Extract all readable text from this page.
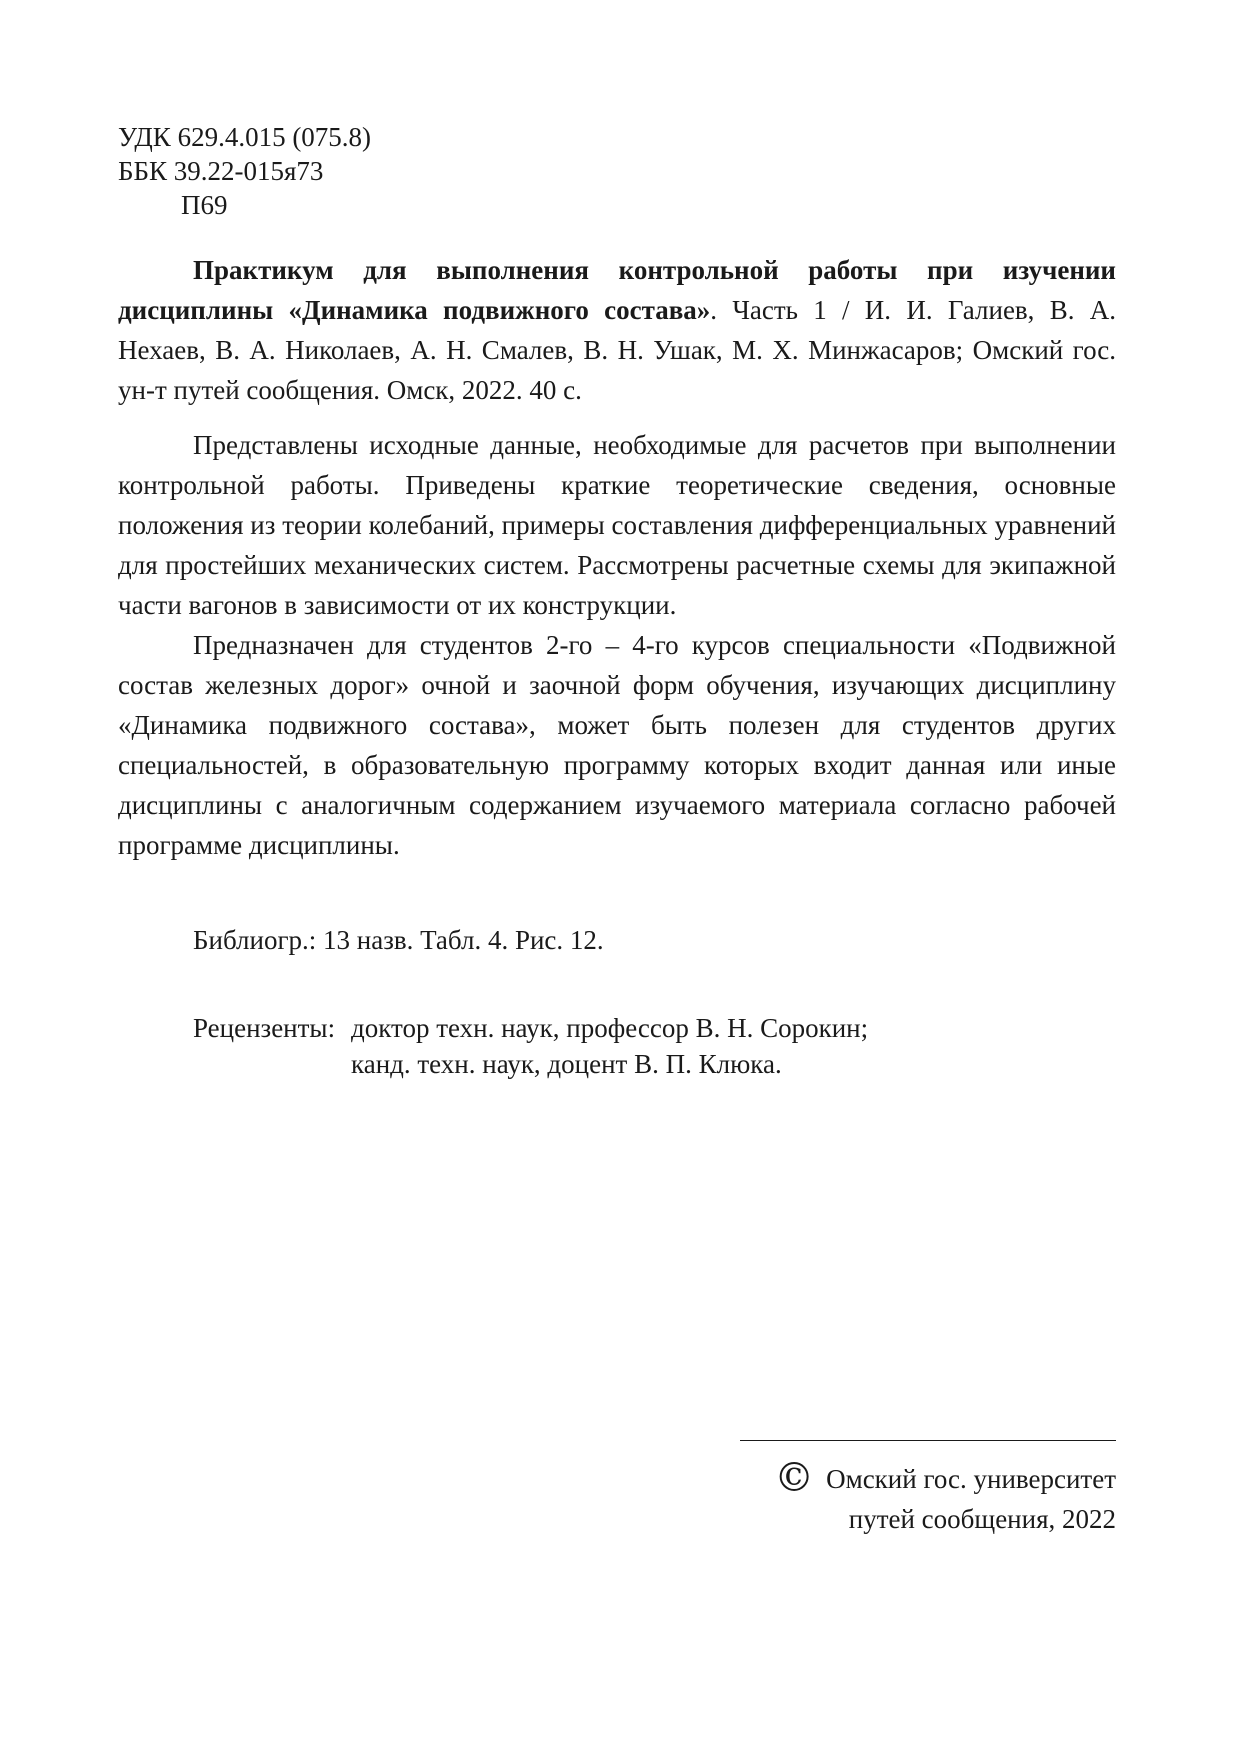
УДК 629.4.015 (075.8)
ББК 39.22-015я73
П69

Практикум для выполнения контрольной работы при изучении дисциплины «Динамика подвижного состава». Часть 1 / И. И. Галиев, В. А. Нехаев, В. А. Николаев, А. Н. Смалев, В. Н. Ушак, М. Х. Минжасаров; Омский гос. ун-т путей сообщения. Омск, 2022. 40 с.

Представлены исходные данные, необходимые для расчетов при выполнении контрольной работы. Приведены краткие теоретические сведения, основные положения из теории колебаний, примеры составления дифференциальных уравнений для простейших механических систем. Рассмотрены расчетные схемы для экипажной части вагонов в зависимости от их конструкции.

Предназначен для студентов 2-го – 4-го курсов специальности «Подвижной состав железных дорог» очной и заочной форм обучения, изучающих дисциплину «Динамика подвижного состава», может быть полезен для студентов других специальностей, в образовательную программу которых входит данная или иные дисциплины с аналогичным содержанием изучаемого материала согласно рабочей программе дисциплины.

Библиогр.: 13 назв. Табл. 4. Рис. 12.
Рецензенты: доктор техн. наук, профессор В. Н. Сорокин;
канд. техн. наук, доцент В. П. Клюка.
© Омский гос. университет
путей сообщения, 2022
